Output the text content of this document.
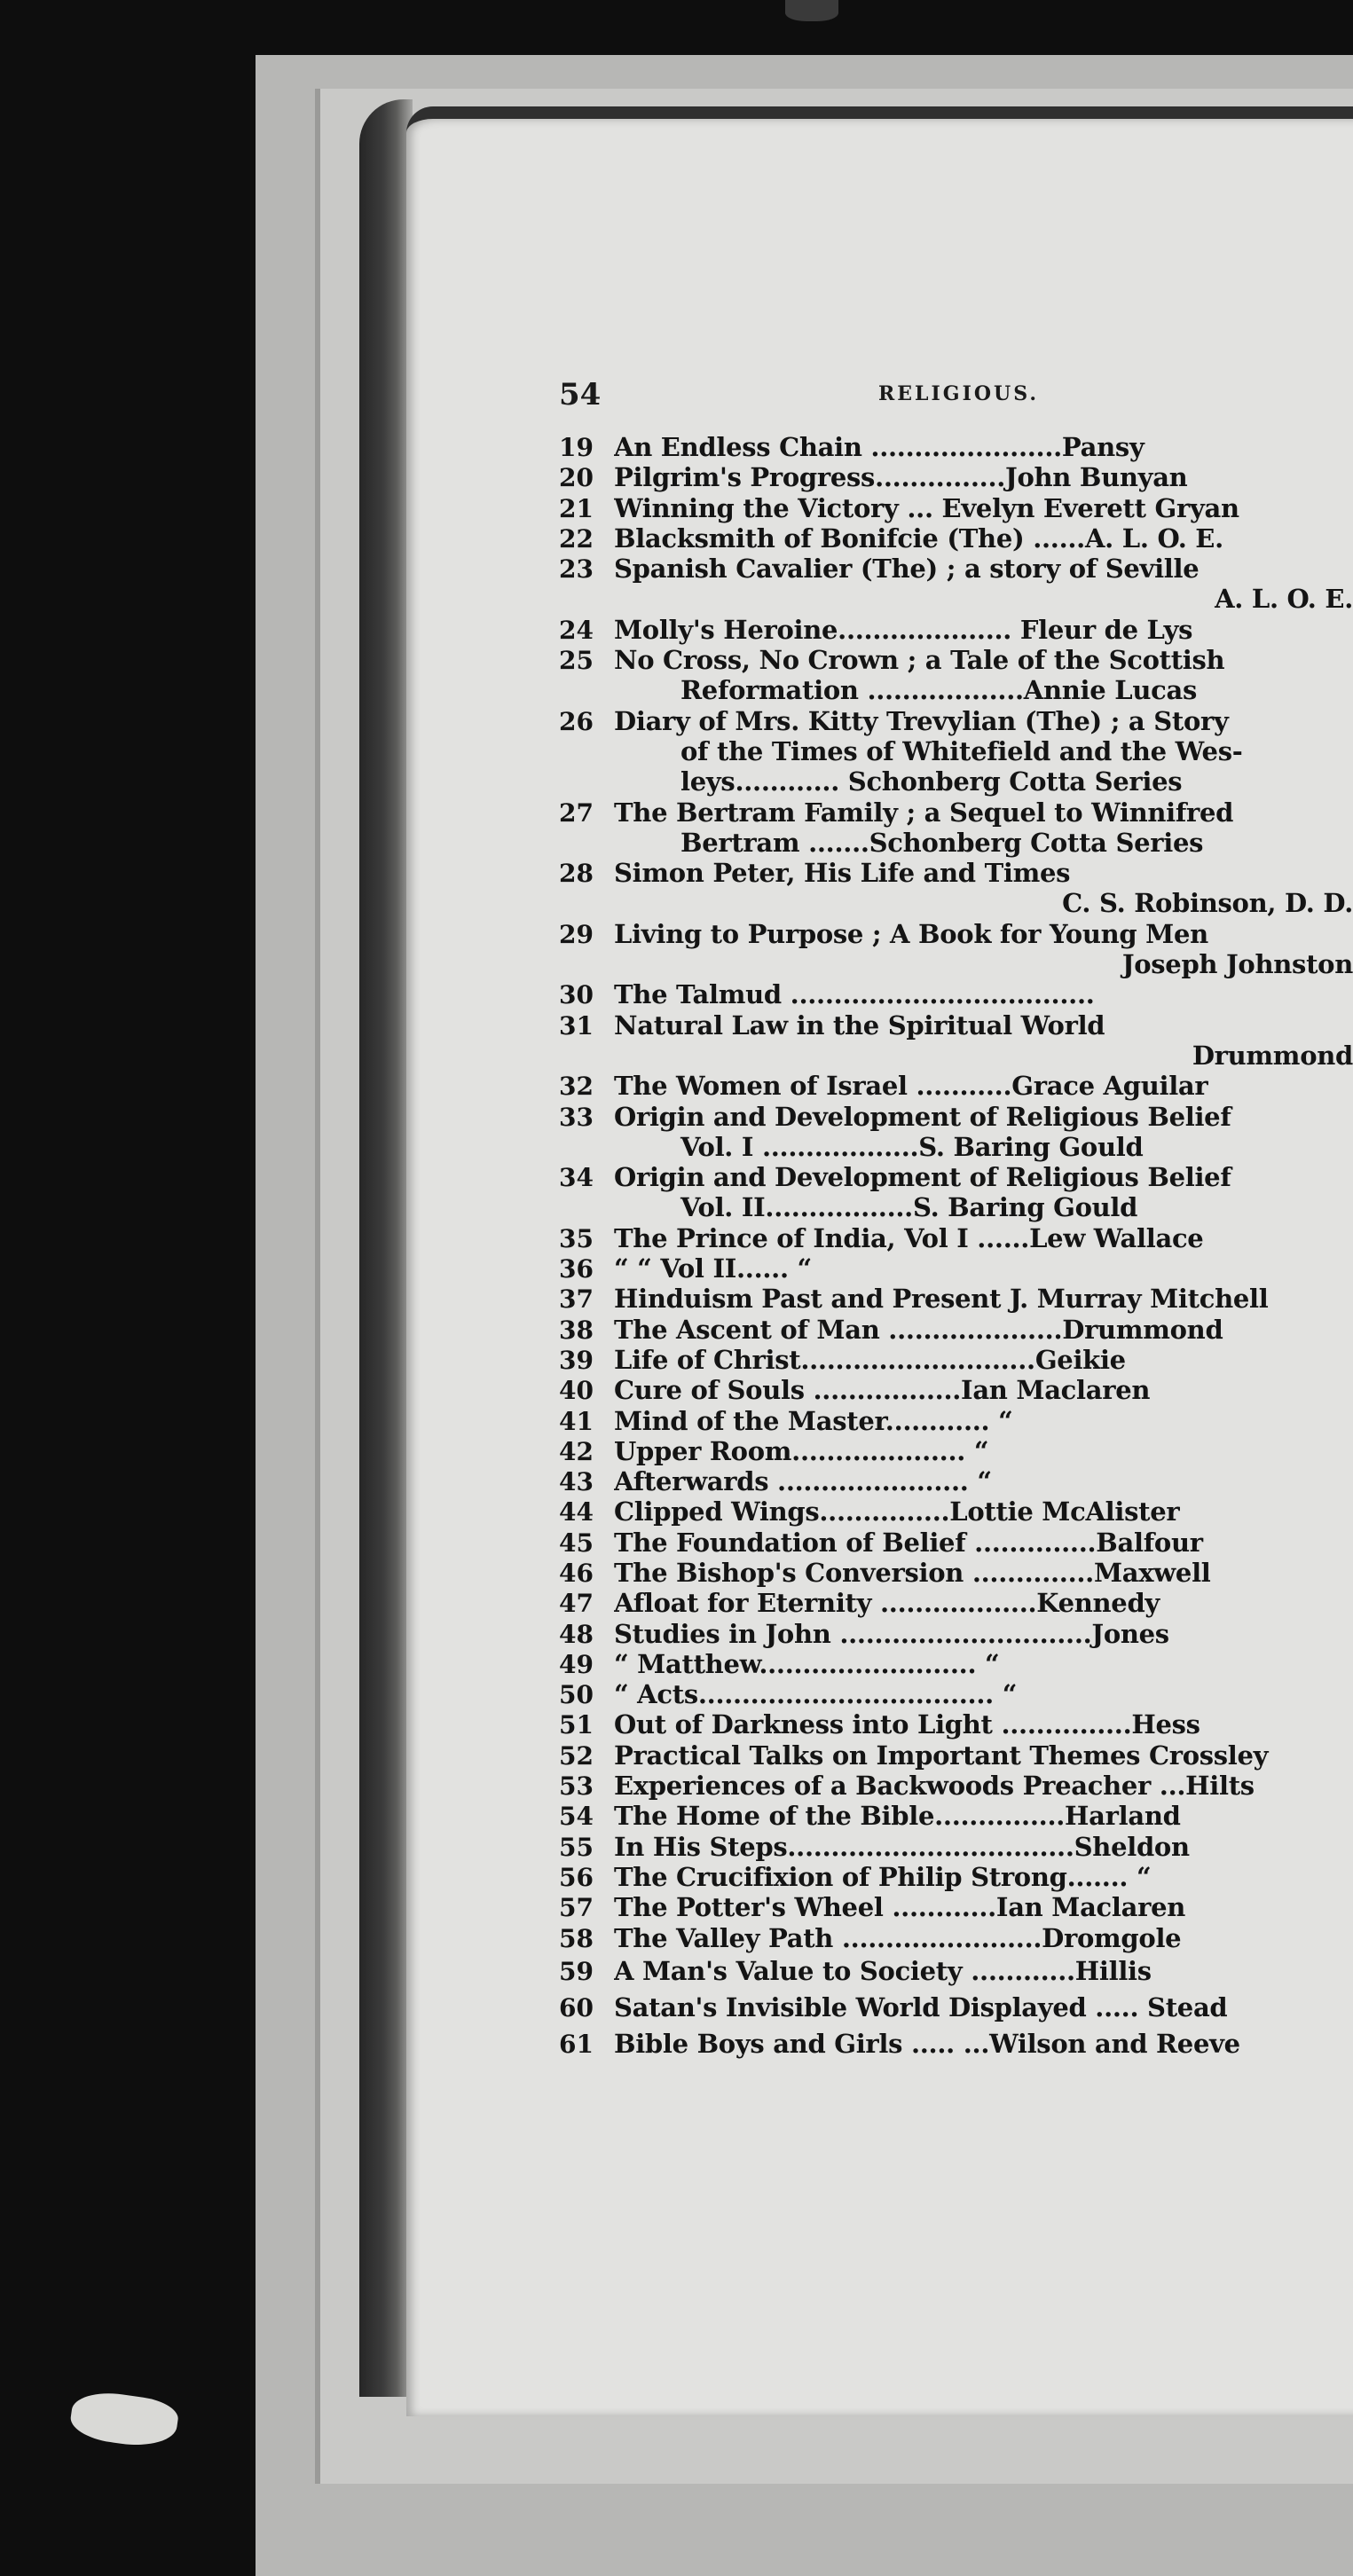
54	RELIGIOUS.
19 An Endless Chain ......................Pansy
20 Pilgrim's Progress...............John Bunyan
21 Winning the Victory ... Evelyn Everett Gryan
22 Blacksmith of Bonifcie (The) ......A. L. O. E.
23 Spanish Cavalier (The) ; a story of Seville
A. L. O. E.
24 Molly's Heroine.................... Fleur de Lys
25 No Cross, No Crown ; a Tale of the Scottish
Reformation ..................Annie Lucas
26 Diary of Mrs. Kitty Trevylian (The) ; a Story
of the Times of Whitefield and the Wes-
leys............ Schonberg Cotta Series
27 The Bertram Family ; a Sequel to Winnifred
Bertram .......Schonberg Cotta Series
28 Simon Peter, His Life and Times
C. S. Robinson, D. D.
29 Living to Purpose ; A Book for Young Men
Joseph Johnston
30 The Talmud ...................................
31 Natural Law in the Spiritual World
Drummond
32 The Women of Israel ...........Grace Aguilar
33 Origin and Development of Religious Belief
Vol. I ..................S. Baring Gould
34 Origin and Development of Religious Belief
Vol. II.................S. Baring Gould
35 The Prince of India, Vol I ......Lew Wallace
36 “ “ Vol II...... “
37 Hinduism Past and Present J. Murray Mitchell
38 The Ascent of Man ....................Drummond
39 Life of Christ...........................Geikie
40 Cure of Souls .................Ian Maclaren
41 Mind of the Master............ “
42 Upper Room.................... “
43 Afterwards ...................... “
44 Clipped Wings...............Lottie McAlister
45 The Foundation of Belief ..............Balfour
46 The Bishop's Conversion ..............Maxwell
47 Afloat for Eternity ..................Kennedy
48 Studies in John .............................Jones
49 “ Matthew......................... “
50 “ Acts.................................. “
51 Out of Darkness into Light ...............Hess
52 Practical Talks on Important Themes Crossley
53 Experiences of a Backwoods Preacher ...Hilts
54 The Home of the Bible...............Harland
55 In His Steps.................................Sheldon
56 The Crucifixion of Philip Strong....... “
57 The Potter's Wheel ............Ian Maclaren
58 The Valley Path .......................Dromgole
59 A Man's Value to Society ............Hillis
60 Satan's Invisible World Displayed ..... Stead
61 Bible Boys and Girls ..... ...Wilson and Reeve
